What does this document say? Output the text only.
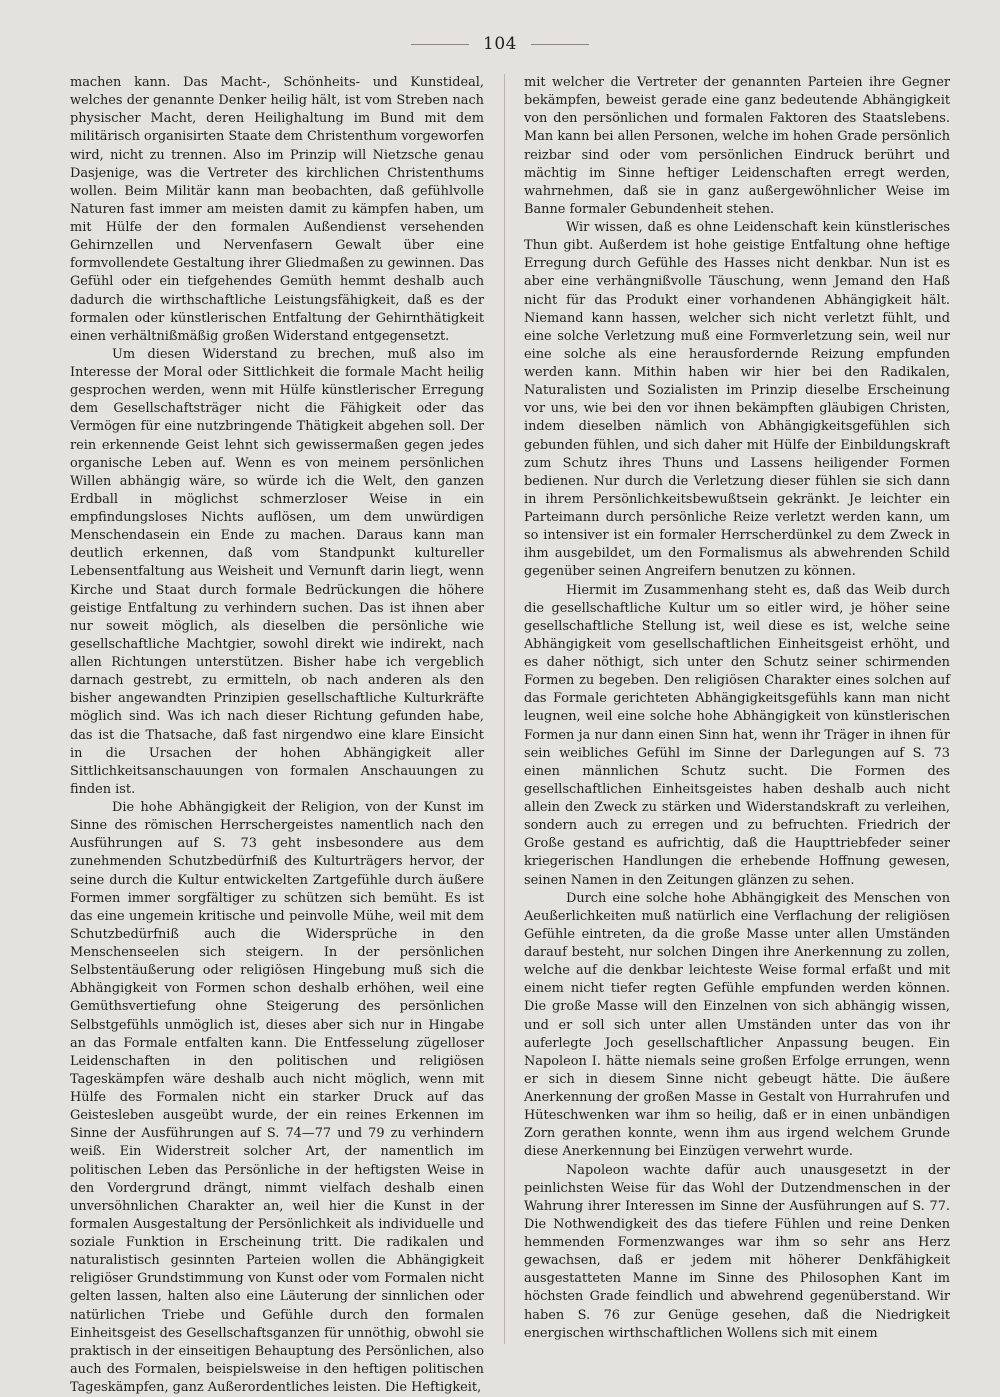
104

machen kann. Das Macht-, Schönheits- und Kunstideal, welches der genannte Denker heilig hält, ist vom Streben nach physischer Macht, deren Heilighaltung im Bund mit dem militärisch organisirten Staate dem Christenthum vorgeworfen wird, nicht zu trennen. Also im Prinzip will Nietzsche genau Dasjenige, was die Vertreter des kirchlichen Christenthums wollen. Beim Militär kann man beobachten, daß gefühlvolle Naturen fast immer am meisten damit zu kämpfen haben, um mit Hülfe der den formalen Außendienst versehenden Gehirnzellen und Nervenfasern Gewalt über eine formvollendete Gestaltung ihrer Gliedmaßen zu gewinnen. Das Gefühl oder ein tiefgehendes Gemüth hemmt deshalb auch dadurch die wirthschaftliche Leistungsfähigkeit, daß es der formalen oder künstlerischen Entfaltung der Gehirnthätigkeit einen verhältnißmäßig großen Widerstand entgegensetzt.

Um diesen Widerstand zu brechen, muß also im Interesse der Moral oder Sittlichkeit die formale Macht heilig gesprochen werden, wenn mit Hülfe künstlerischer Erregung dem Gesellschaftsträger nicht die Fähigkeit oder das Vermögen für eine nutzbringende Thätigkeit abgehen soll. Der rein erkennende Geist lehnt sich gewissermaßen gegen jedes organische Leben auf. Wenn es von meinem persönlichen Willen abhängig wäre, so würde ich die Welt, den ganzen Erdball in möglichst schmerzloser Weise in ein empfindungsloses Nichts auflösen, um dem unwürdigen Menschendasein ein Ende zu machen. Daraus kann man deutlich erkennen, daß vom Standpunkt kultureller Lebensentfaltung aus Weisheit und Vernunft darin liegt, wenn Kirche und Staat durch formale Bedrückungen die höhere geistige Entfaltung zu verhindern suchen. Das ist ihnen aber nur soweit möglich, als dieselben die persönliche wie gesellschaftliche Machtgier, sowohl direkt wie indirekt, nach allen Richtungen unterstützen. Bisher habe ich vergeblich darnach gestrebt, zu ermitteln, ob nach anderen als den bisher angewandten Prinzipien gesellschaftliche Kulturkräfte möglich sind. Was ich nach dieser Richtung gefunden habe, das ist die Thatsache, daß fast nirgendwo eine klare Einsicht in die Ursachen der hohen Abhängigkeit aller Sittlichkeitsanschauungen von formalen Anschauungen zu finden ist.

Die hohe Abhängigkeit der Religion, von der Kunst im Sinne des römischen Herrschergeistes namentlich nach den Ausführungen auf S. 73 geht insbesondere aus dem zunehmenden Schutzbedürfniß des Kulturträgers hervor, der seine durch die Kultur entwickelten Zartgefühle durch äußere Formen immer sorgfältiger zu schützen sich bemüht. Es ist das eine ungemein kritische und peinvolle Mühe, weil mit dem Schutzbedürfniß auch die Widersprüche in den Menschenseelen sich steigern. In der persönlichen Selbstentäußerung oder religiösen Hingebung muß sich die Abhängigkeit von Formen schon deshalb erhöhen, weil eine Gemüthsvertiefung ohne Steigerung des persönlichen Selbstgefühls unmöglich ist, dieses aber sich nur in Hingabe an das Formale entfalten kann. Die Entfesselung zügelloser Leidenschaften in den politischen und religiösen Tageskämpfen wäre deshalb auch nicht möglich, wenn mit Hülfe des Formalen nicht ein starker Druck auf das Geistesleben ausgeübt wurde, der ein reines Erkennen im Sinne der Ausführungen auf S. 74—77 und 79 zu verhindern weiß. Ein Widerstreit solcher Art, der namentlich im politischen Leben das Persönliche in der heftigsten Weise in den Vordergrund drängt, nimmt vielfach deshalb einen unversöhnlichen Charakter an, weil hier die Kunst in der formalen Ausgestaltung der Persönlichkeit als individuelle und soziale Funktion in Erscheinung tritt. Die radikalen und naturalistisch gesinnten Parteien wollen die Abhängigkeit religiöser Grundstimmung von Kunst oder vom Formalen nicht gelten lassen, halten also eine Läuterung der sinnlichen oder natürlichen Triebe und Gefühle durch den formalen Einheitsgeist des Gesellschaftsganzen für unnöthig, obwohl sie praktisch in der einseitigen Behauptung des Persönlichen, also auch des Formalen, beispielsweise in den heftigen politischen Tageskämpfen, ganz Außerordentliches leisten. Die Heftigkeit,

mit welcher die Vertreter der genannten Parteien ihre Gegner bekämpfen, beweist gerade eine ganz bedeutende Abhängigkeit von den persönlichen und formalen Faktoren des Staatslebens. Man kann bei allen Personen, welche im hohen Grade persönlich reizbar sind oder vom persönlichen Eindruck berührt und mächtig im Sinne heftiger Leidenschaften erregt werden, wahrnehmen, daß sie in ganz außergewöhnlicher Weise im Banne formaler Gebundenheit stehen.

Wir wissen, daß es ohne Leidenschaft kein künstlerisches Thun gibt. Außerdem ist hohe geistige Entfaltung ohne heftige Erregung durch Gefühle des Hasses nicht denkbar. Nun ist es aber eine verhängnißvolle Täuschung, wenn Jemand den Haß nicht für das Produkt einer vorhandenen Abhängigkeit hält. Niemand kann hassen, welcher sich nicht verletzt fühlt, und eine solche Verletzung muß eine Formverletzung sein, weil nur eine solche als eine herausfordernde Reizung empfunden werden kann. Mithin haben wir hier bei den Radikalen, Naturalisten und Sozialisten im Prinzip dieselbe Erscheinung vor uns, wie bei den vor ihnen bekämpften gläubigen Christen, indem dieselben nämlich von Abhängigkeitsgefühlen sich gebunden fühlen, und sich daher mit Hülfe der Einbildungskraft zum Schutz ihres Thuns und Lassens heiligender Formen bedienen. Nur durch die Verletzung dieser fühlen sie sich dann in ihrem Persönlichkeitsbewußtsein gekränkt. Je leichter ein Parteimann durch persönliche Reize verletzt werden kann, um so intensiver ist ein formaler Herrscherdünkel zu dem Zweck in ihm ausgebildet, um den Formalismus als abwehrenden Schild gegenüber seinen Angreifern benutzen zu können.

Hiermit im Zusammenhang steht es, daß das Weib durch die gesellschaftliche Kultur um so eitler wird, je höher seine gesellschaftliche Stellung ist, weil diese es ist, welche seine Abhängigkeit vom gesellschaftlichen Einheitsgeist erhöht, und es daher nöthigt, sich unter den Schutz seiner schirmenden Formen zu begeben. Den religiösen Charakter eines solchen auf das Formale gerichteten Abhängigkeitsgefühls kann man nicht leugnen, weil eine solche hohe Abhängigkeit von künstlerischen Formen ja nur dann einen Sinn hat, wenn ihr Träger in ihnen für sein weibliches Gefühl im Sinne der Darlegungen auf S. 73 einen männlichen Schutz sucht. Die Formen des gesellschaftlichen Einheitsgeistes haben deshalb auch nicht allein den Zweck zu stärken und Widerstandskraft zu verleihen, sondern auch zu erregen und zu befruchten. Friedrich der Große gestand es aufrichtig, daß die Haupttriebfeder seiner kriegerischen Handlungen die erhebende Hoffnung gewesen, seinen Namen in den Zeitungen glänzen zu sehen.

Durch eine solche hohe Abhängigkeit des Menschen von Aeußerlichkeiten muß natürlich eine Verflachung der religiösen Gefühle eintreten, da die große Masse unter allen Umständen darauf besteht, nur solchen Dingen ihre Anerkennung zu zollen, welche auf die denkbar leichteste Weise formal erfaßt und mit einem nicht tiefer regten Gefühle empfunden werden können. Die große Masse will den Einzelnen von sich abhängig wissen, und er soll sich unter allen Umständen unter das von ihr auferlegte Joch gesellschaftlicher Anpassung beugen. Ein Napoleon I. hätte niemals seine großen Erfolge errungen, wenn er sich in diesem Sinne nicht gebeugt hätte. Die äußere Anerkennung der großen Masse in Gestalt von Hurrahrufen und Hüteschwenken war ihm so heilig, daß er in einen unbändigen Zorn gerathen konnte, wenn ihm aus irgend welchem Grunde diese Anerkennung bei Einzügen verwehrt wurde.

Napoleon wachte dafür auch unausgesetzt in der peinlichsten Weise für das Wohl der Dutzendmenschen in der Wahrung ihrer Interessen im Sinne der Ausführungen auf S. 77. Die Nothwendigkeit des das tiefere Fühlen und reine Denken hemmenden Formenzwanges war ihm so sehr ans Herz gewachsen, daß er jedem mit höherer Denkfähigkeit ausgestatteten Manne im Sinne des Philosophen Kant im höchsten Grade feindlich und abwehrend gegenüberstand. Wir haben S. 76 zur Genüge gesehen, daß die Niedrigkeit energischen wirthschaftlichen Wollens sich mit einem
